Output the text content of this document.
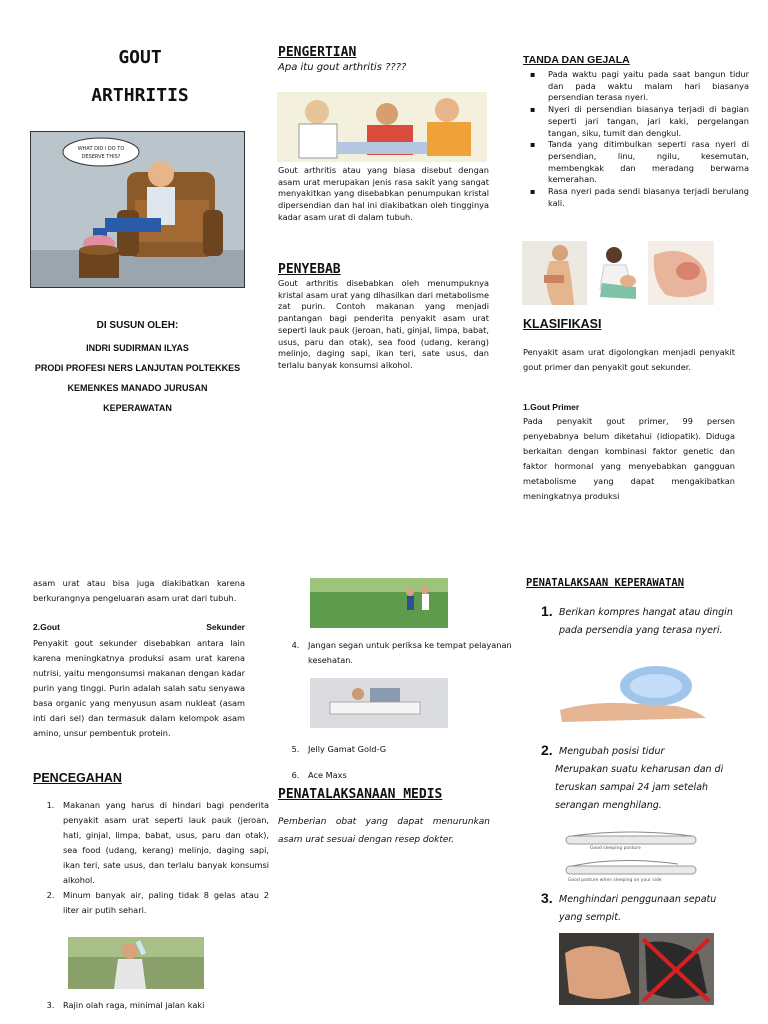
GOUT
ARTHRITIS
WHAT DID I DO TO
DESERVE THIS?
DI SUSUN OLEH:
INDRI SUDIRMAN ILYAS
PRODI PROFESI NERS LANJUTAN POLTEKKES
KEMENKES MANADO JURUSAN
KEPERAWATAN
PENGERTIAN
Apa itu gout arthritis ????
Gout arthritis atau yang biasa disebut dengan asam urat merupakan jenis rasa sakit yang sangat menyakitkan yang disebabkan penumpukan kristal dipersendian dan hal ini diakibatkan oleh tingginya kadar asam urat di dalam tubuh.
PENYEBAB
Gout arthritis disebabkan oleh menumpuknya kristal asam urat yang dihasilkan dari metabolisme zat purin. Contoh makanan yang menjadi pantangan bagi penderita penyakit asam urat seperti lauk pauk (jeroan, hati, ginjal, limpa, babat, usus, paru dan otak), sea food (udang, kerang) melinjo, daging sapi, ikan teri, sate usus, dan terlalu banyak konsumsi alkohol.
TANDA DAN GEJALA
▪ Pada waktu pagi yaitu pada saat bangun tidur dan pada waktu malam hari biasanya persendian terasa nyeri.
▪ Nyeri di persendian biasanya terjadi di bagian seperti jari tangan, jari kaki, pergelangan tangan, siku, tumit dan dengkul.
▪ Tanda yang ditimbulkan seperti rasa nyeri di persendian, linu, ngilu, kesemutan, membengkak dan meradang berwarna kemerahan.
▪ Rasa nyeri pada sendi biasanya terjadi berulang kali.
KLASIFIKASI
Penyakit asam urat digolongkan menjadi penyakit gout primer dan penyakit gout sekunder.
1.Gout Primer
Pada penyakit gout primer, 99 persen penyebabnya belum diketahui (idiopatik). Diduga berkaitan dengan kombinasi faktor genetic dan faktor hormonal yang menyebabkan gangguan metabolisme yang dapat mengakibatkan meningkatnya produksi
asam urat atau bisa juga diakibatkan karena berkurangnya pengeluaran asam urat dari tubuh.
2.Gout	Sekunder
Penyakit gout sekunder disebabkan antara lain karena meningkatnya produksi asam urat karena nutrisi, yaitu mengonsumsi makanan dengan kadar purin yang tinggi. Purin adalah salah satu senyawa basa organic yang menyusun asam nukleat (asam inti dari sel) dan termasuk dalam kelompok asam amino, unsur pembentuk protein.
PENCEGAHAN
1. Makanan yang harus di hindari bagi penderita penyakit asam urat seperti lauk pauk (jeroan, hati, ginjal, limpa, babat, usus, paru dan otak), sea food (udang, kerang) melinjo, daging sapi, ikan teri, sate usus, dan terlalu banyak konsumsi alkohol.
2. Minum banyak air, paling tidak 8 gelas atau 2 liter air putih sehari.
3. Rajin olah raga, minimal jalan kaki
4. Jangan segan untuk periksa ke tempat pelayanan kesehatan.
5. Jelly Gamat Gold-G
6. Ace Maxs
PENATALAKSANAAN MEDIS
Pemberian obat yang dapat menurunkan asam urat sesuai dengan resep dokter.
PENATALAKSAAN KEPERAWATAN
1. Berikan kompres hangat atau dingin pada persendia yang terasa nyeri.
2. Mengubah posisi tidur
Merupakan suatu keharusan dan di teruskan sampai 24 jam setelah serangan menghilang.
Good sleeping posture
Good posture when sleeping on your side
3. Menghindari penggunaan sepatu yang sempit.
